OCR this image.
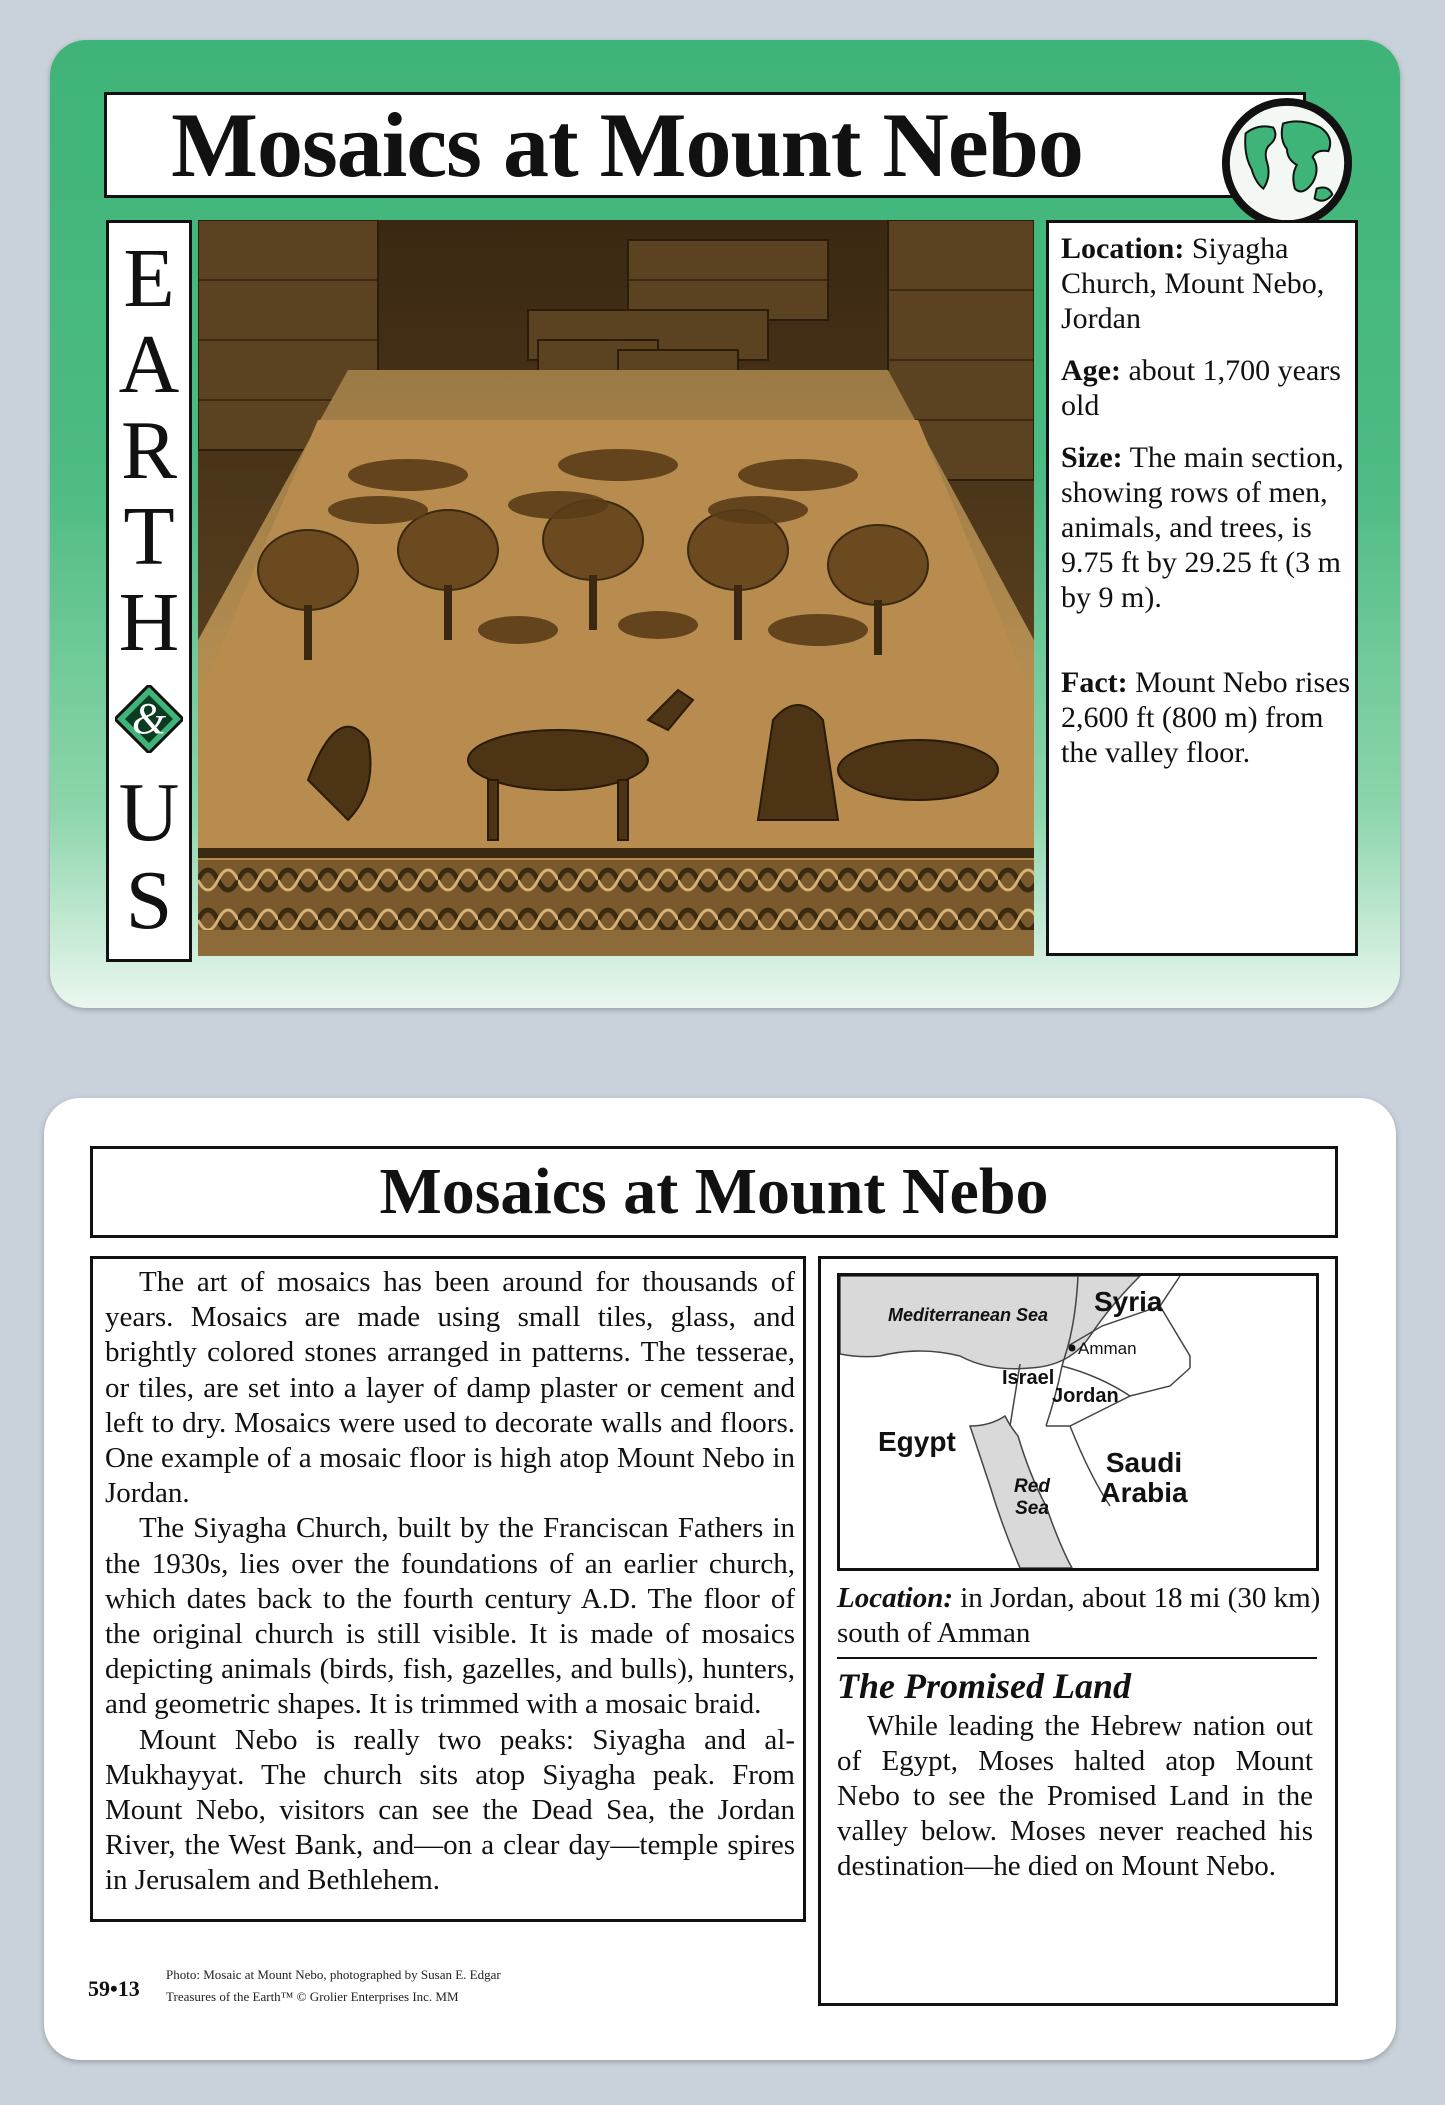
Mosaics at Mount Nebo
E
A
R
T
H
&
U
S
Location: Siyagha Church, Mount Nebo, Jordan
Age: about 1,700 years old
Size: The main section, showing rows of men, animals, and trees, is 9.75 ft by 29.25 ft (3 m by 9 m).
Fact: Mount Nebo rises 2,600 ft (800 m) from the valley floor.
Mosaics at Mount Nebo

The art of mosaics has been around for thousands of years. Mosaics are made using small tiles, glass, and brightly colored stones arranged in patterns. The tesserae, or tiles, are set into a layer of damp plaster or cement and left to dry. Mosaics were used to decorate walls and floors. One example of a mosaic floor is high atop Mount Nebo in Jordan.

The Siyagha Church, built by the Franciscan Fathers in the 1930s, lies over the foundations of an earlier church, which dates back to the fourth century A.D. The floor of the original church is still visible. It is made of mosaics depicting animals (birds, fish, gazelles, and bulls), hunters, and geometric shapes. It is trimmed with a mosaic braid.

Mount Nebo is really two peaks: Siyagha and al-Mukhayyat. The church sits atop Siyagha peak. From Mount Nebo, visitors can see the Dead Sea, the Jordan River, the West Bank, and—on a clear day—temple spires in Jerusalem and Bethlehem.

59•13
Photo: Mosaic at Mount Nebo, photographed by Susan E. Edgar
Treasures of the Earth™ © Grolier Enterprises Inc. MM
Mediterranean Sea Syria
Amman
Israel
Jordan
Egypt
Saudi Arabia
Red Sea
Location: in Jordan, about 18 mi (30 km) south of Amman
The Promised Land
While leading the Hebrew nation out of Egypt, Moses halted atop Mount Nebo to see the Promised Land in the valley below. Moses never reached his destination—he died on Mount Nebo.
